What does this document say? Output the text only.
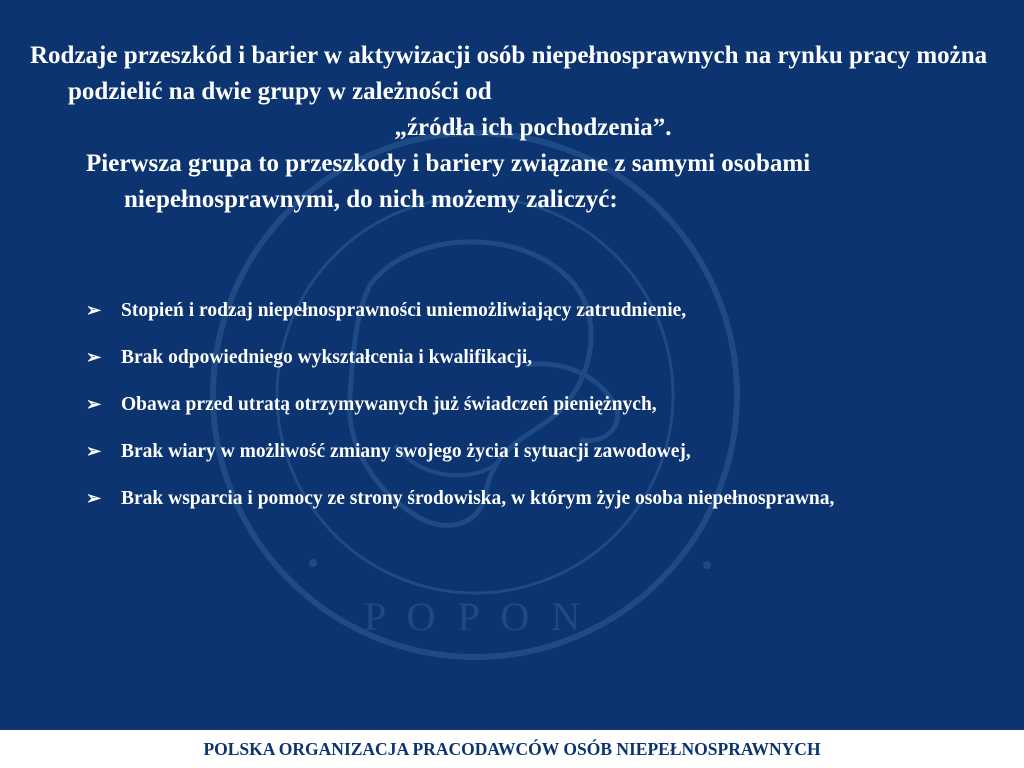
P O P O N

Rodzaje przeszkód i barier w aktywizacji osób niepełnosprawnych na rynku pracy można podzielić na dwie grupy w zależności od

„źródła ich pochodzenia”.

Pierwsza grupa to przeszkody i bariery związane z samymi osobami niepełnosprawnymi, do nich możemy zaliczyć:

➢ Stopień i rodzaj niepełnosprawności uniemożliwiający zatrudnienie,
➢ Brak odpowiedniego wykształcenia i kwalifikacji,
➢ Obawa przed utratą otrzymywanych już świadczeń pieniężnych,
➢ Brak wiary w możliwość zmiany swojego życia i sytuacji zawodowej,
➢ Brak wsparcia i pomocy ze strony środowiska, w którym żyje osoba niepełnosprawna,
POLSKA ORGANIZACJA PRACODAWCÓW OSÓB NIEPEŁNOSPRAWNYCH
